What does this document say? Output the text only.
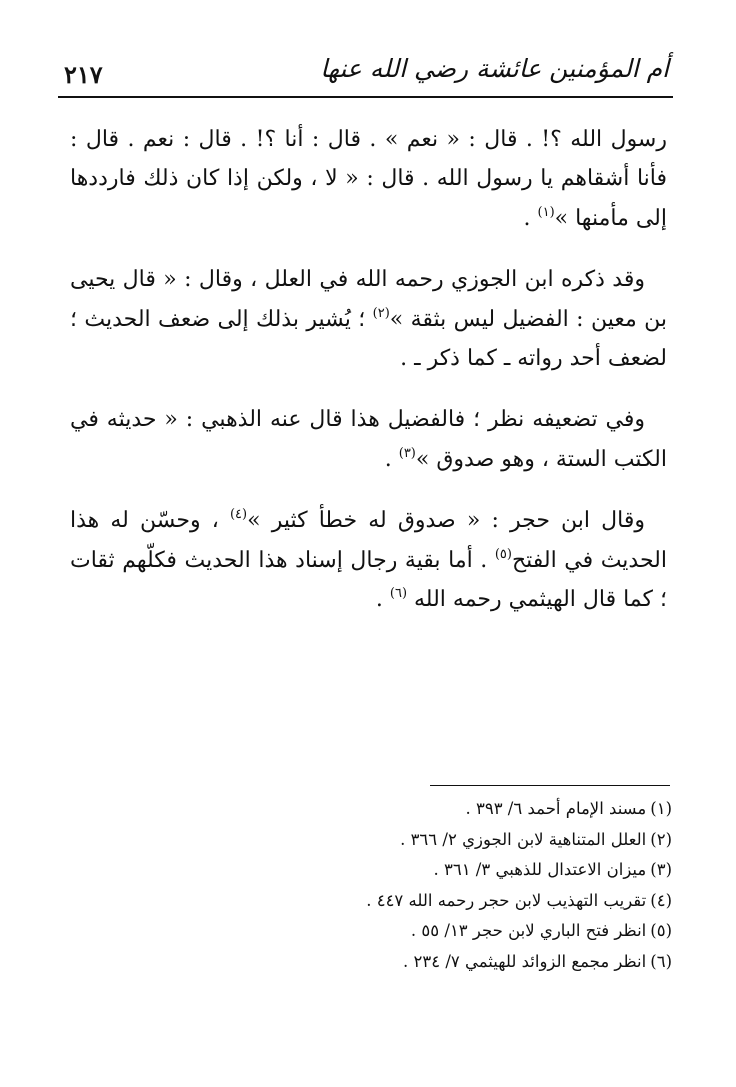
أم المؤمنين عائشة رضي الله عنها
٢١٧

رسول الله ؟! . قال : « نعم » . قال : أنا ؟! . قال : نعم . قال : فأنا أشقاهم يا رسول الله . قال : « لا ، ولكن إذا كان ذلك فارددها إلى مأمنها »$^{(١)}$ .

وقد ذكره ابن الجوزي رحمه الله في العلل ، وقال : « قال يحيى بن معين : الفضيل ليس بثقة »$^{(٢)}$ ؛ يُشير بذلك إلى ضعف الحديث ؛ لضعف أحد رواته ـ كما ذكر ـ .

وفي تضعيفه نظر ؛ فالفضيل هذا قال عنه الذهبي : « حديثه في الكتب الستة ، وهو صدوق »$^{(٣)}$ .

وقال ابن حجر : « صدوق له خطأ كثير »$^{(٤)}$ ، وحسّن له هذا الحديث في الفتح$^{(٥)}$ . أما بقية رجال إسناد هذا الحديث فكلّهم ثقات ؛ كما قال الهيثمي رحمه الله $^{(٦)}$ .

(١)مسند الإمام أحمد ٦/ ٣٩٣ .
(٢)العلل المتناهية لابن الجوزي ٢/ ٣٦٦ .
(٣)ميزان الاعتدال للذهبي ٣/ ٣٦١ .
(٤)تقريب التهذيب لابن حجر رحمه الله ٤٤٧ .
(٥)انظر فتح الباري لابن حجر ١٣/ ٥٥ .
(٦)انظر مجمع الزوائد للهيثمي ٧/ ٢٣٤ .
